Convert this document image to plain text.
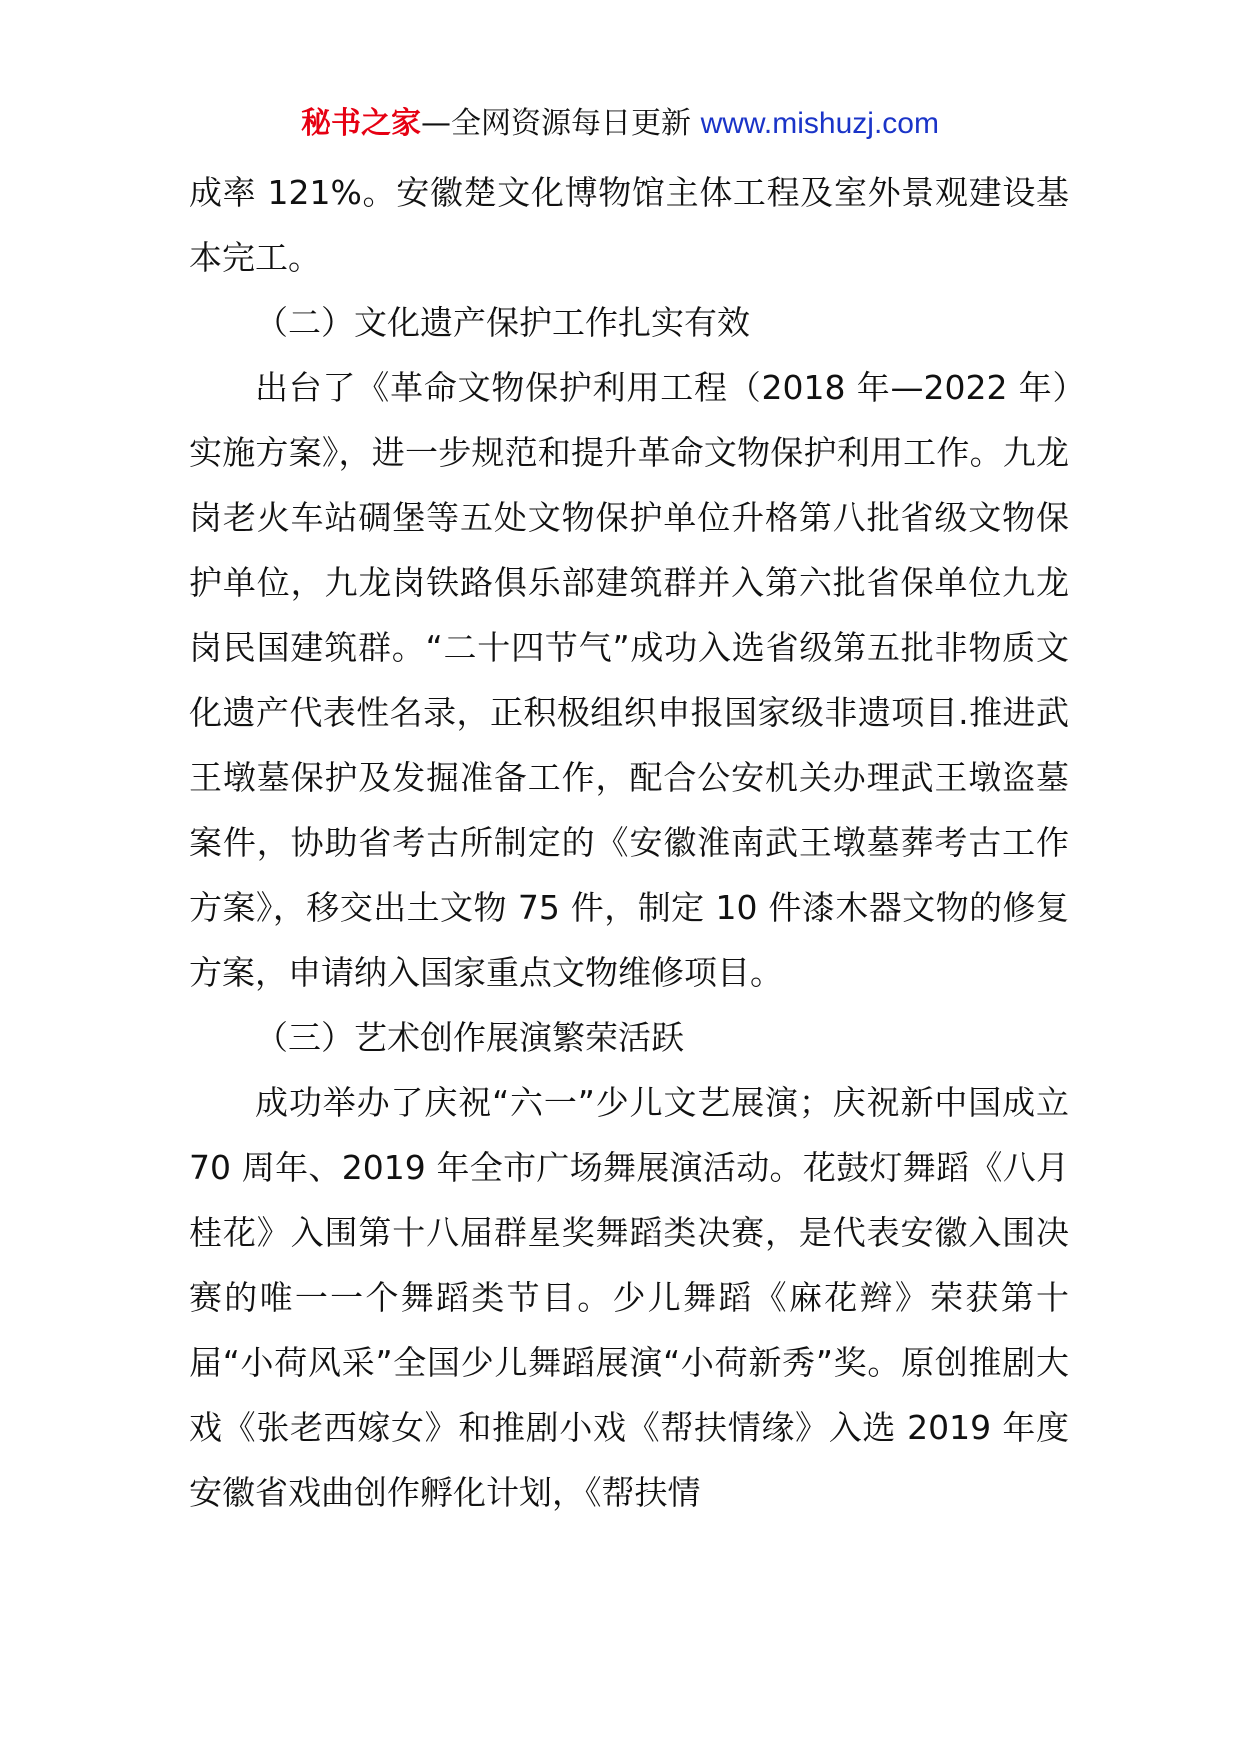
秘书之家—全网资源每日更新 www.mishuzj.com

成率 121%。安徽楚文化博物馆主体工程及室外景观建设基本完工。

（二）文化遗产保护工作扎实有效

出台了《革命文物保护利用工程（2018 年—2022 年）实施方案》，进一步规范和提升革命文物保护利用工作。九龙岗老火车站碉堡等五处文物保护单位升格第八批省级文物保护单位，九龙岗铁路俱乐部建筑群并入第六批省保单位九龙岗民国建筑群。“二十四节气”成功入选省级第五批非物质文化遗产代表性名录，正积极组织申报国家级非遗项目.推进武王墩墓保护及发掘准备工作，配合公安机关办理武王墩盗墓案件，协助省考古所制定的《安徽淮南武王墩墓葬考古工作方案》，移交出土文物 75 件，制定 10 件漆木器文物的修复方案，申请纳入国家重点文物维修项目。

（三）艺术创作展演繁荣活跃

成功举办了庆祝“六一”少儿文艺展演；庆祝新中国成立 70 周年、2019 年全市广场舞展演活动。花鼓灯舞蹈《八月桂花》入围第十八届群星奖舞蹈类决赛，是代表安徽入围决赛的唯一一个舞蹈类节目。少儿舞蹈《麻花辫》荣获第十届“小荷风采”全国少儿舞蹈展演“小荷新秀”奖。原创推剧大戏《张老西嫁女》和推剧小戏《帮扶情缘》入选 2019 年度安徽省戏曲创作孵化计划，《帮扶情
